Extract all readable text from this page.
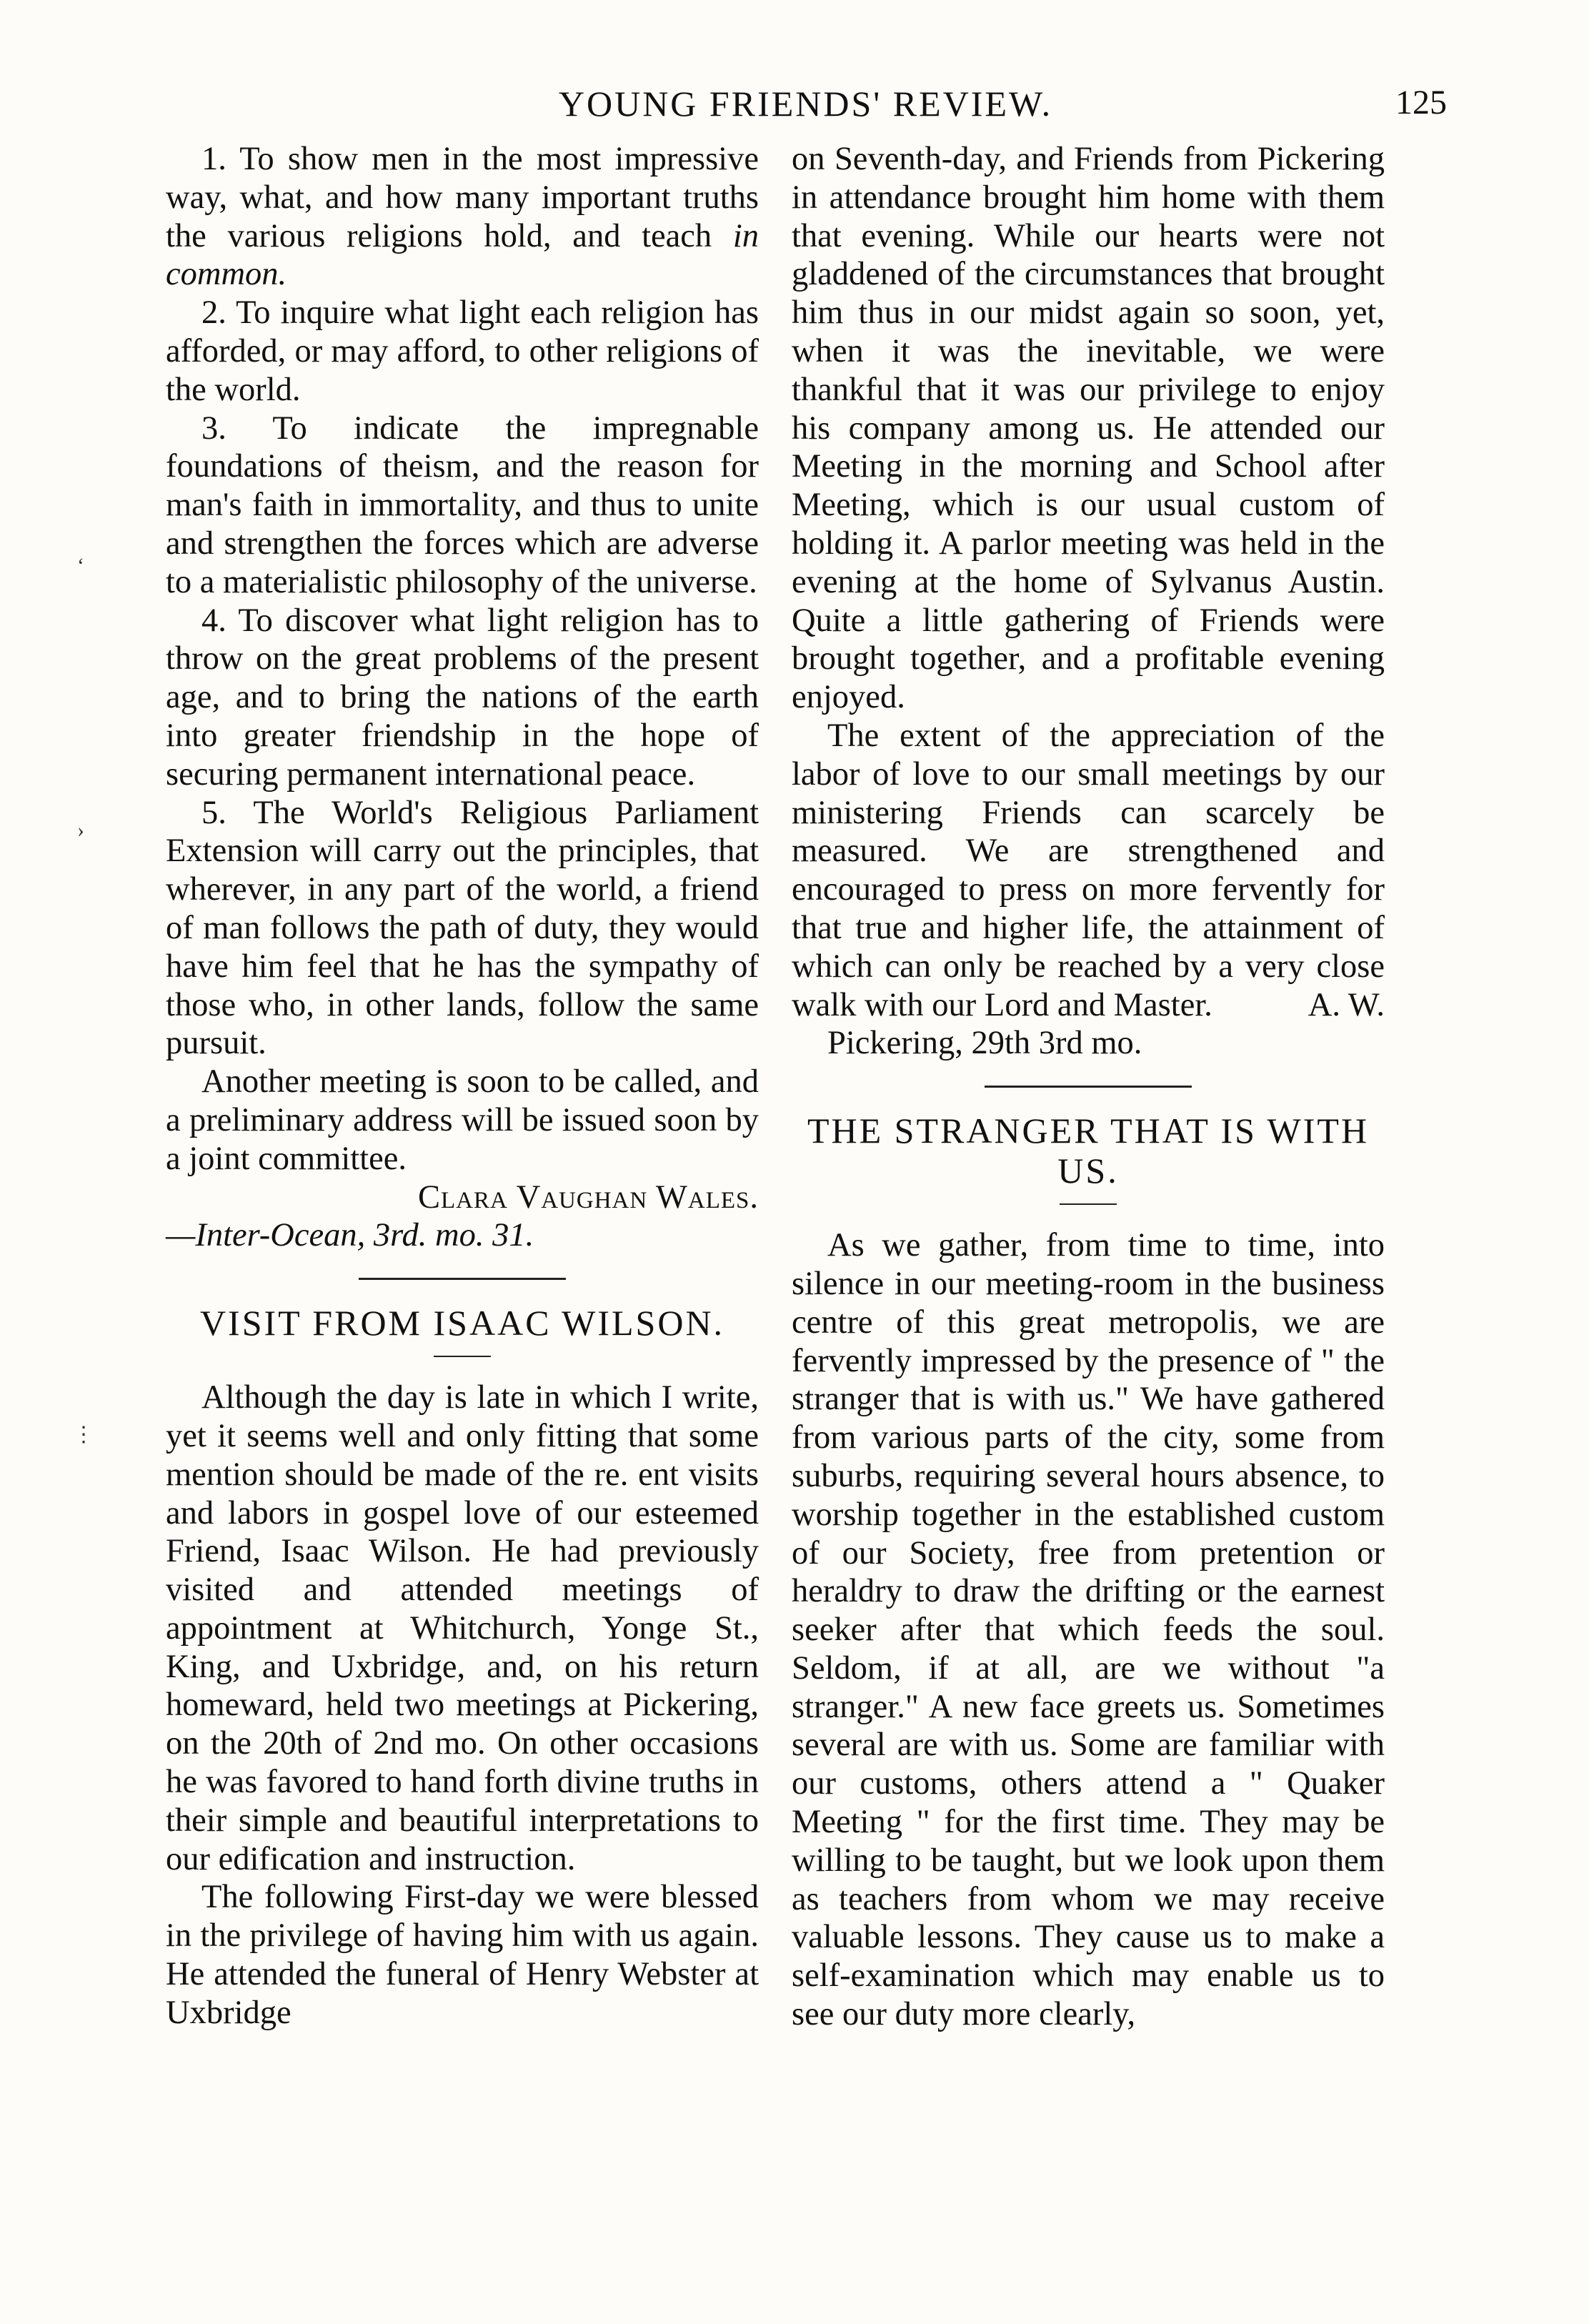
YOUNG FRIENDS' REVIEW.	125
‘
›
⋮

1. To show men in the most impressive way, what, and how many important truths the various religions hold, and teach in common.

2. To inquire what light each religion has afforded, or may afford, to other religions of the world.

3. To indicate the impregnable foundations of theism, and the reason for man's faith in immortality, and thus to unite and strengthen the forces which are adverse to a materialistic philosophy of the universe.

4. To discover what light religion has to throw on the great problems of the present age, and to bring the nations of the earth into greater friendship in the hope of securing permanent international peace.

5. The World's Religious Parliament Extension will carry out the principles, that wherever, in any part of the world, a friend of man follows the path of duty, they would have him feel that he has the sympathy of those who, in other lands, follow the same pursuit.

Another meeting is soon to be called, and a preliminary address will be issued soon by a joint committee.

Clara Vaughan Wales.

—Inter-Ocean, 3rd. mo. 31.

VISIT FROM ISAAC WILSON.

Although the day is late in which I write, yet it seems well and only fitting that some mention should be made of the re. ent visits and labors in gospel love of our esteemed Friend, Isaac Wilson. He had previously visited and attended meetings of appointment at Whitchurch, Yonge St., King, and Uxbridge, and, on his return homeward, held two meetings at Pickering, on the 20th of 2nd mo. On other occasions he was favored to hand forth divine truths in their simple and beautiful interpretations to our edification and instruction.

The following First-day we were blessed in the privilege of having him with us again. He attended the funeral of Henry Webster at Uxbridge

on Seventh-day, and Friends from Pickering in attendance brought him home with them that evening. While our hearts were not gladdened of the circumstances that brought him thus in our midst again so soon, yet, when it was the inevitable, we were thankful that it was our privilege to enjoy his company among us. He attended our Meeting in the morning and School after Meeting, which is our usual custom of holding it. A parlor meeting was held in the evening at the home of Sylvanus Austin. Quite a little gathering of Friends were brought together, and a profitable evening enjoyed.

The extent of the appreciation of the labor of love to our small meetings by our ministering Friends can scarcely be measured. We are strengthened and encouraged to press on more fervently for that true and higher life, the attainment of which can only be reached by a very close walk with our Lord and Master.	A. W.

Pickering, 29th 3rd mo.

THE STRANGER THAT IS WITH US.

As we gather, from time to time, into silence in our meeting-room in the business centre of this great metropolis, we are fervently impressed by the presence of " the stranger that is with us." We have gathered from various parts of the city, some from suburbs, requiring several hours absence, to worship together in the established custom of our Society, free from pretention or heraldry to draw the drifting or the earnest seeker after that which feeds the soul. Seldom, if at all, are we without "a stranger." A new face greets us. Sometimes several are with us. Some are familiar with our customs, others attend a " Quaker Meeting " for the first time. They may be willing to be taught, but we look upon them as teachers from whom we may receive valuable lessons. They cause us to make a self-examination which may enable us to see our duty more clearly,
